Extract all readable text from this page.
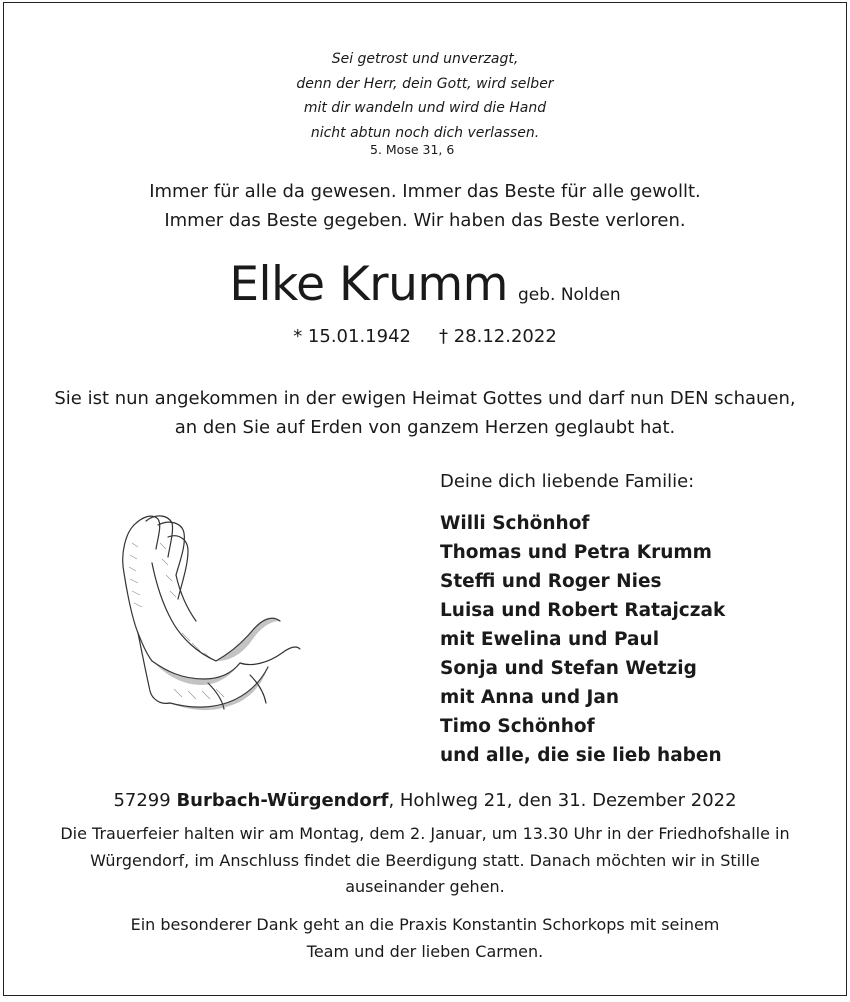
Sei getrost und unverzagt,
denn der Herr, dein Gott, wird selber
mit dir wandeln und wird die Hand
nicht abtun noch dich verlassen.
5. Mose 31, 6
Immer für alle da gewesen. Immer das Beste für alle gewollt.
Immer das Beste gegeben. Wir haben das Beste verloren.
Elke Krumm geb. Nolden
* 15.01.1942 † 28.12.2022
Sie ist nun angekommen in der ewigen Heimat Gottes und darf nun DEN schauen,
an den Sie auf Erden von ganzem Herzen geglaubt hat.
Deine dich liebende Familie:
Willi Schönhof
Thomas und Petra Krumm
Steffi und Roger Nies
Luisa und Robert Ratajczak
mit Ewelina und Paul
Sonja und Stefan Wetzig
mit Anna und Jan
Timo Schönhof
und alle, die sie lieb haben
57299 Burbach-Würgendorf, Hohlweg 21, den 31. Dezember 2022
Die Trauerfeier halten wir am Montag, dem 2. Januar, um 13.30 Uhr in der Friedhofshalle in
Würgendorf, im Anschluss findet die Beerdigung statt. Danach möchten wir in Stille
auseinander gehen.
Ein besonderer Dank geht an die Praxis Konstantin Schorkops mit seinem
Team und der lieben Carmen.
